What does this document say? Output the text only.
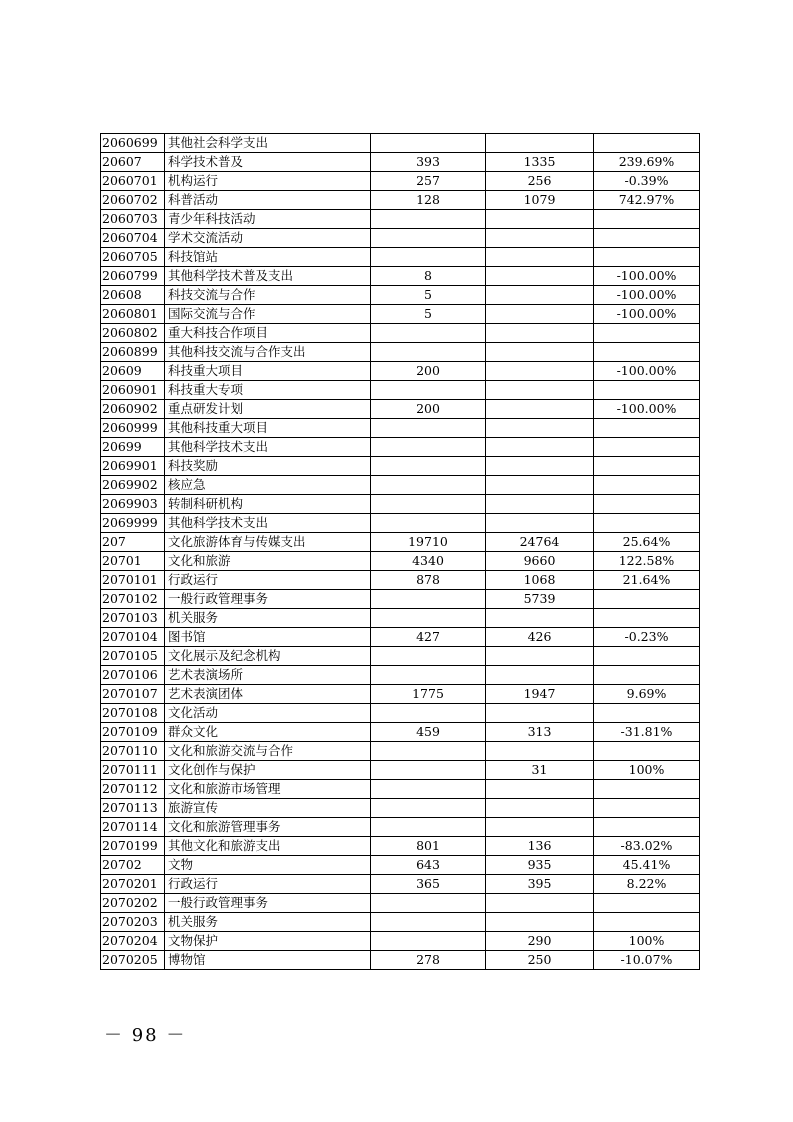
2060699	其他社会科学支出			
20607	科学技术普及	393	1335	239.69%
2060701	机构运行	257	256	-0.39%
2060702	科普活动	128	1079	742.97%
2060703	青少年科技活动			
2060704	学术交流活动			
2060705	科技馆站			
2060799	其他科学技术普及支出	8		-100.00%
20608	科技交流与合作	5		-100.00%
2060801	国际交流与合作	5		-100.00%
2060802	重大科技合作项目			
2060899	其他科技交流与合作支出			
20609	科技重大项目	200		-100.00%
2060901	科技重大专项			
2060902	重点研发计划	200		-100.00%
2060999	其他科技重大项目			
20699	其他科学技术支出			
2069901	科技奖励			
2069902	核应急			
2069903	转制科研机构			
2069999	其他科学技术支出			
207	文化旅游体育与传媒支出	19710	24764	25.64%
20701	文化和旅游	4340	9660	122.58%
2070101	行政运行	878	1068	21.64%
2070102	一般行政管理事务		5739	
2070103	机关服务			
2070104	图书馆	427	426	-0.23%
2070105	文化展示及纪念机构			
2070106	艺术表演场所			
2070107	艺术表演团体	1775	1947	9.69%
2070108	文化活动			
2070109	群众文化	459	313	-31.81%
2070110	文化和旅游交流与合作			
2070111	文化创作与保护		31	100%
2070112	文化和旅游市场管理			
2070113	旅游宣传			
2070114	文化和旅游管理事务			
2070199	其他文化和旅游支出	801	136	-83.02%
20702	文物	643	935	45.41%
2070201	行政运行	365	395	8.22%
2070202	一般行政管理事务			
2070203	机关服务			
2070204	文物保护		290	100%
2070205	博物馆	278	250	-10.07%
－ 98 －
